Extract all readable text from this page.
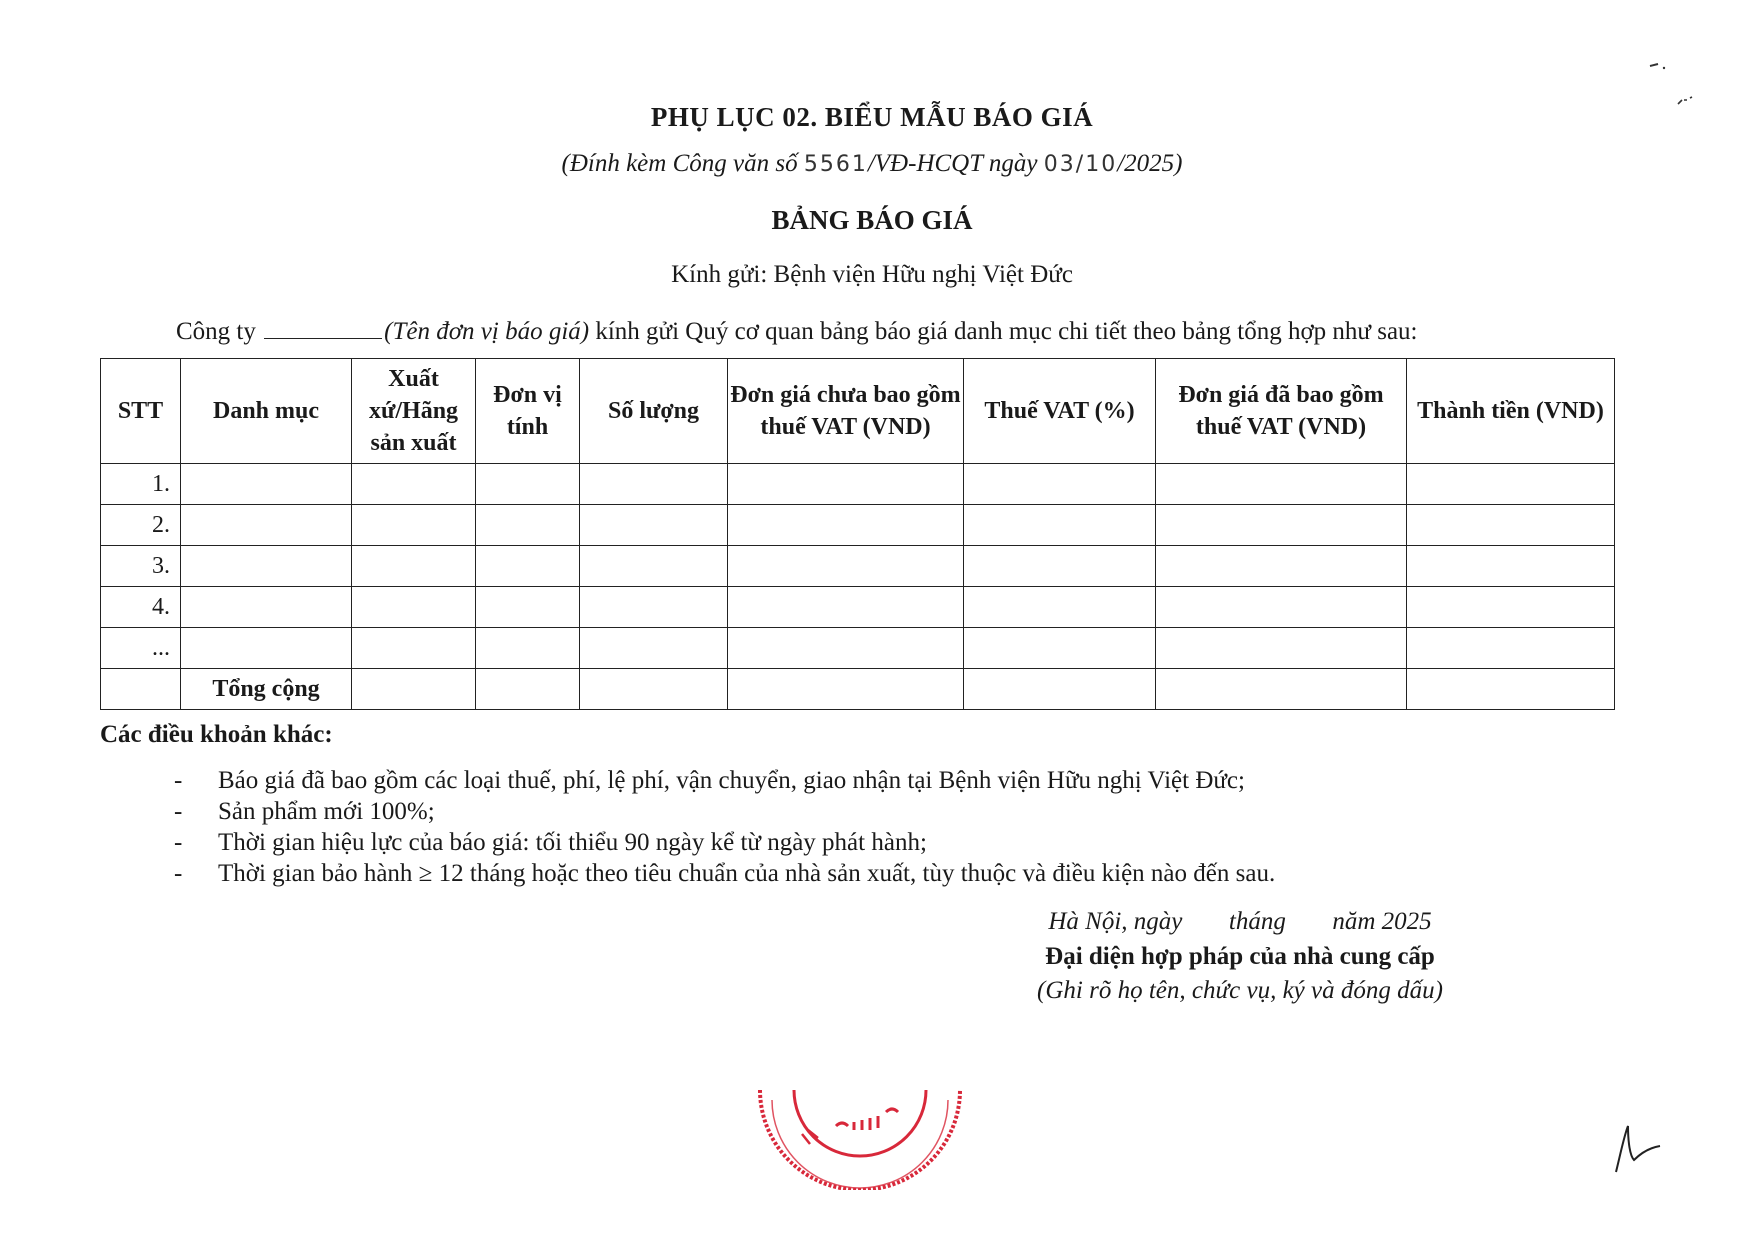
PHỤ LỤC 02. BIỂU MẪU BÁO GIÁ
(Đính kèm Công văn số 5561/VĐ-HCQT ngày 03/10/2025)
BẢNG BÁO GIÁ
Kính gửi: Bệnh viện Hữu nghị Việt Đức
Công ty	(Tên đơn vị báo giá) kính gửi Quý cơ quan bảng báo giá danh mục chi tiết theo bảng tổng hợp như sau:
STT	Danh mục	Xuất xứ/Hãng sản xuất	Đơn vị tính	Số lượng	Đơn giá chưa bao gồm thuế VAT (VND)	Thuế VAT (%)	Đơn giá đã bao gồm thuế VAT (VND)	Thành tiền (VND)
1.								
2.								
3.								
4.								
...								
	Tổng cộng							
Các điều khoản khác:
- Báo giá đã bao gồm các loại thuế, phí, lệ phí, vận chuyển, giao nhận tại Bệnh viện Hữu nghị Việt Đức;
- Sản phẩm mới 100%;
- Thời gian hiệu lực của báo giá: tối thiểu 90 ngày kể từ ngày phát hành;
- Thời gian bảo hành ≥ 12 tháng hoặc theo tiêu chuẩn của nhà sản xuất, tùy thuộc và điều kiện nào đến sau.
Hà Nội, ngày tháng năm 2025
Đại diện hợp pháp của nhà cung cấp
(Ghi rõ họ tên, chức vụ, ký và đóng dấu)
